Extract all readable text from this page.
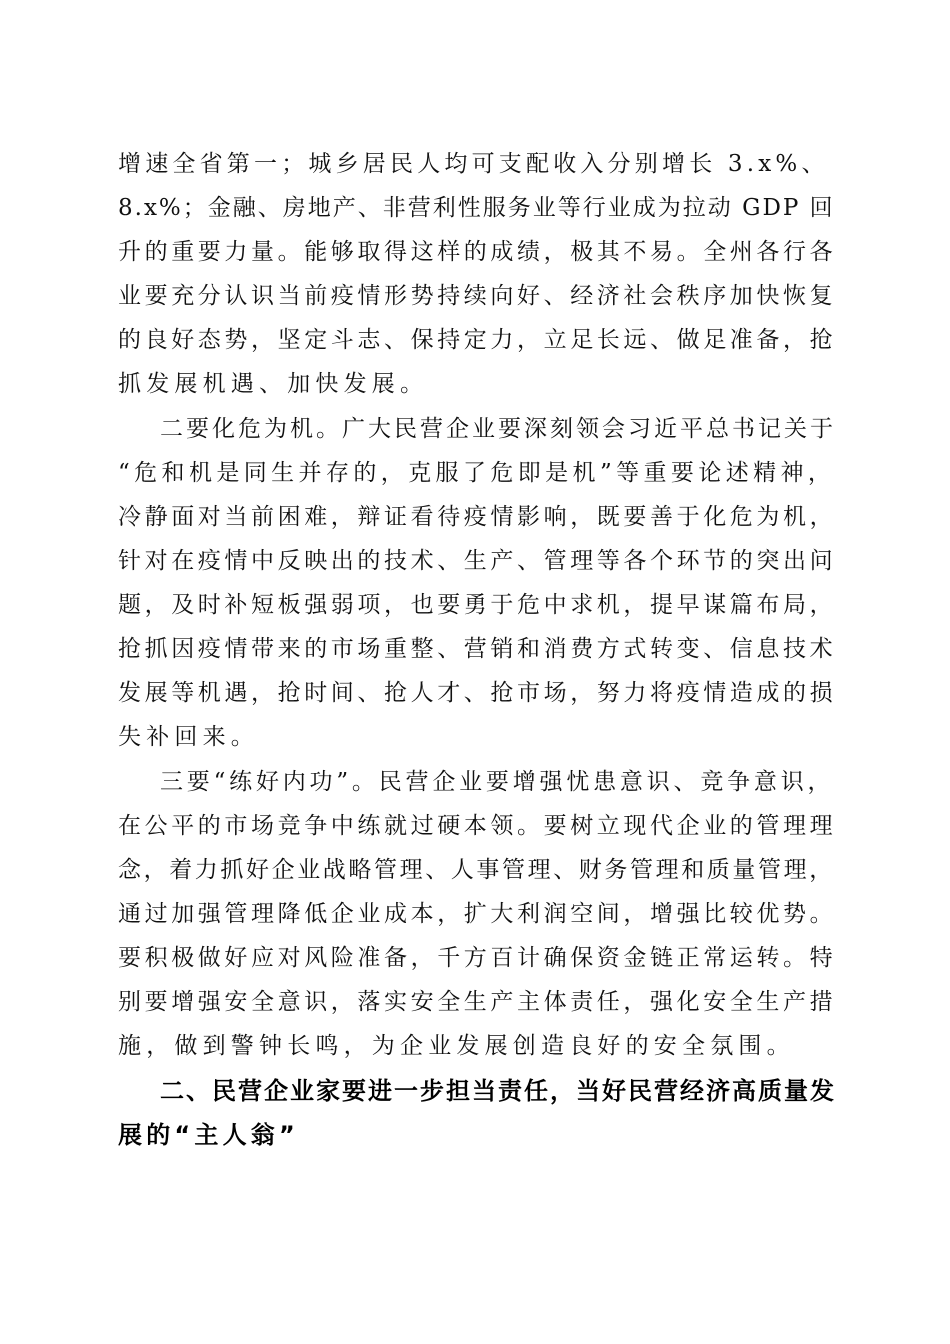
增速全省第一；城乡居民人均可支配收入分别增长 3.x%、
8.x%；金融、房地产、非营利性服务业等行业成为拉动 GDP 回
升的重要力量。能够取得这样的成绩，极其不易。全州各行各
业要充分认识当前疫情形势持续向好、经济社会秩序加快恢复
的良好态势，坚定斗志、保持定力，立足长远、做足准备，抢
抓发展机遇、加快发展。
二要化危为机。广大民营企业要深刻领会习近平总书记关于
“危和机是同生并存的，克服了危即是机”等重要论述精神，
冷静面对当前困难，辩证看待疫情影响，既要善于化危为机，
针对在疫情中反映出的技术、生产、管理等各个环节的突出问
题，及时补短板强弱项，也要勇于危中求机，提早谋篇布局，
抢抓因疫情带来的市场重整、营销和消费方式转变、信息技术
发展等机遇，抢时间、抢人才、抢市场，努力将疫情造成的损
失补回来。
三要“练好内功”。民营企业要增强忧患意识、竞争意识，
在公平的市场竞争中练就过硬本领。要树立现代企业的管理理
念，着力抓好企业战略管理、人事管理、财务管理和质量管理，
通过加强管理降低企业成本，扩大利润空间，增强比较优势。
要积极做好应对风险准备，千方百计确保资金链正常运转。特
别要增强安全意识，落实安全生产主体责任，强化安全生产措
施，做到警钟长鸣，为企业发展创造良好的安全氛围。
二、民营企业家要进一步担当责任，当好民营经济高质量发
展的“主人翁”
